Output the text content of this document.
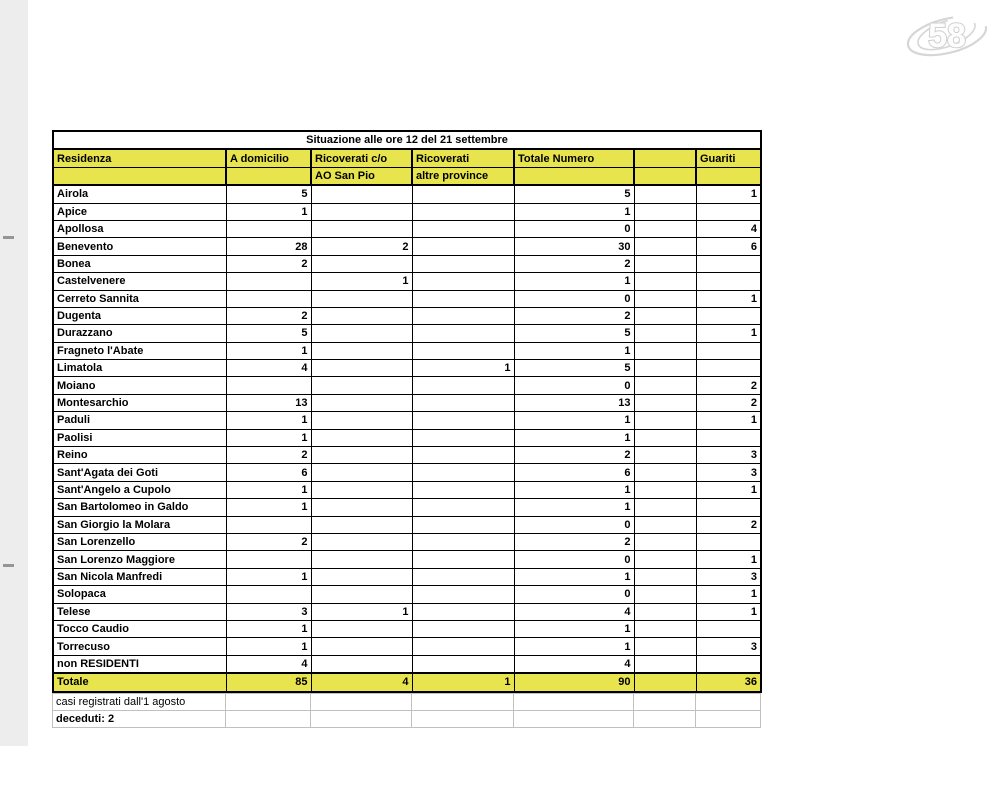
58
Situazione alle ore 12 del 21 settembre						
Residenza	A domicilio	Ricoverati c/o	Ricoverati	Totale Numero		Guariti
		AO San Pio	altre province			
Airola	5			5		1
Apice	1			1		
Apollosa				0		4
Benevento	28	2		30		6
Bonea	2			2		
Castelvenere		1		1		
Cerreto Sannita				0		1
Dugenta	2			2		
Durazzano	5			5		1
Fragneto l'Abate	1			1		
Limatola	4		1	5		
Moiano				0		2
Montesarchio	13			13		2
Paduli	1			1		1
Paolisi	1			1		
Reino	2			2		3
Sant'Agata dei Goti	6			6		3
Sant'Angelo a Cupolo	1			1		1
San Bartolomeo in Galdo	1			1		
San Giorgio la Molara				0		2
San Lorenzello	2			2		
San Lorenzo Maggiore				0		1
San Nicola Manfredi	1			1		3
Solopaca				0		1
Telese	3	1		4		1
Tocco Caudio	1			1		
Torrecuso	1			1		3
non RESIDENTI	4			4		
Totale	85	4	1	90		36
casi registrati dall'1 agosto						
deceduti: 2						
